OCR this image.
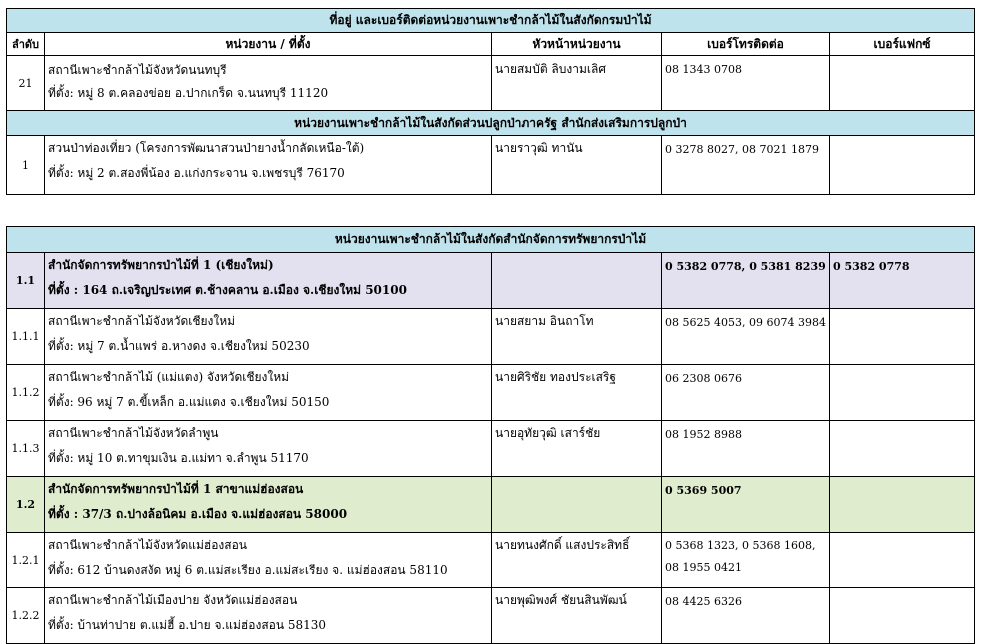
ที่อยู่ และเบอร์ติดต่อหน่วยงานเพาะชำกล้าไม้ในสังกัดกรมป่าไม้				
ลำดับ	หน่วยงาน / ที่ตั้ง	หัวหน้าหน่วยงาน	เบอร์โทรติดต่อ	เบอร์แฟกซ์
21	สถานีเพาะชำกล้าไม้จังหวัดนนทบุรี
ที่ตั้ง: หมู่ 8 ต.คลองข่อย อ.ปากเกร็ด จ.นนทบุรี 11120	นายสมบัติ ลิบงามเลิศ	08 1343 0708	
หน่วยงานเพาะชำกล้าไม้ในสังกัดส่วนปลูกป่าภาครัฐ สำนักส่งเสริมการปลูกป่า				
1	สวนป่าท่องเที่ยว (โครงการพัฒนาสวนป่ายางน้ำกลัดเหนือ-ใต้)
ที่ตั้ง: หมู่ 2 ต.สองพี่น้อง อ.แก่งกระจาน จ.เพชรบุรี 76170	นายราวุฒิ ทานัน	0 3278 8027, 08 7021 1879	
หน่วยงานเพาะชำกล้าไม้ในสังกัดสำนักจัดการทรัพยากรป่าไม้				
1.1	สำนักจัดการทรัพยากรป่าไม้ที่ 1 (เชียงใหม่)
ที่ตั้ง : 164 ถ.เจริญประเทศ ต.ช้างคลาน อ.เมือง จ.เชียงใหม่ 50100		0 5382 0778, 0 5381 8239	0 5382 0778
1.1.1	สถานีเพาะชำกล้าไม้จังหวัดเชียงใหม่
ที่ตั้ง: หมู่ 7 ต.น้ำแพร่ อ.หางดง จ.เชียงใหม่ 50230	นายสยาม อินถาโท	08 5625 4053, 09 6074 3984	
1.1.2	สถานีเพาะชำกล้าไม้ (แม่แตง) จังหวัดเชียงใหม่
ที่ตั้ง: 96 หมู่ 7 ต.ขี้เหล็ก อ.แม่แตง จ.เชียงใหม่ 50150	นายศิริชัย ทองประเสริฐ	06 2308 0676	
1.1.3	สถานีเพาะชำกล้าไม้จังหวัดลำพูน
ที่ตั้ง: หมู่ 10 ต.ทาขุมเงิน อ.แม่ทา จ.ลำพูน 51170	นายอุทัยวุฒิ เสาร์ชัย	08 1952 8988	
1.2	สำนักจัดการทรัพยากรป่าไม้ที่ 1 สาขาแม่ฮ่องสอน
ที่ตั้ง : 37/3 ถ.ปางล้อนิคม อ.เมือง จ.แม่ฮ่องสอน 58000		0 5369 5007	
1.2.1	สถานีเพาะชำกล้าไม้จังหวัดแม่ฮ่องสอน
ที่ตั้ง: 612 บ้านดงสงัด หมู่ 6 ต.แม่สะเรียง อ.แม่สะเรียง จ. แม่ฮ่องสอน 58110	นายทนงศักดิ์ แสงประสิทธิ์	0 5368 1323, 0 5368 1608, 08 1955 0421	
1.2.2	สถานีเพาะชำกล้าไม้เมืองปาย จังหวัดแม่ฮ่องสอน
ที่ตั้ง: บ้านท่าปาย ต.แม่ฮี้ อ.ปาย จ.แม่ฮ่องสอน 58130	นายพุฒิพงศ์ ชัยนสินพัฒน์	08 4425 6326	
